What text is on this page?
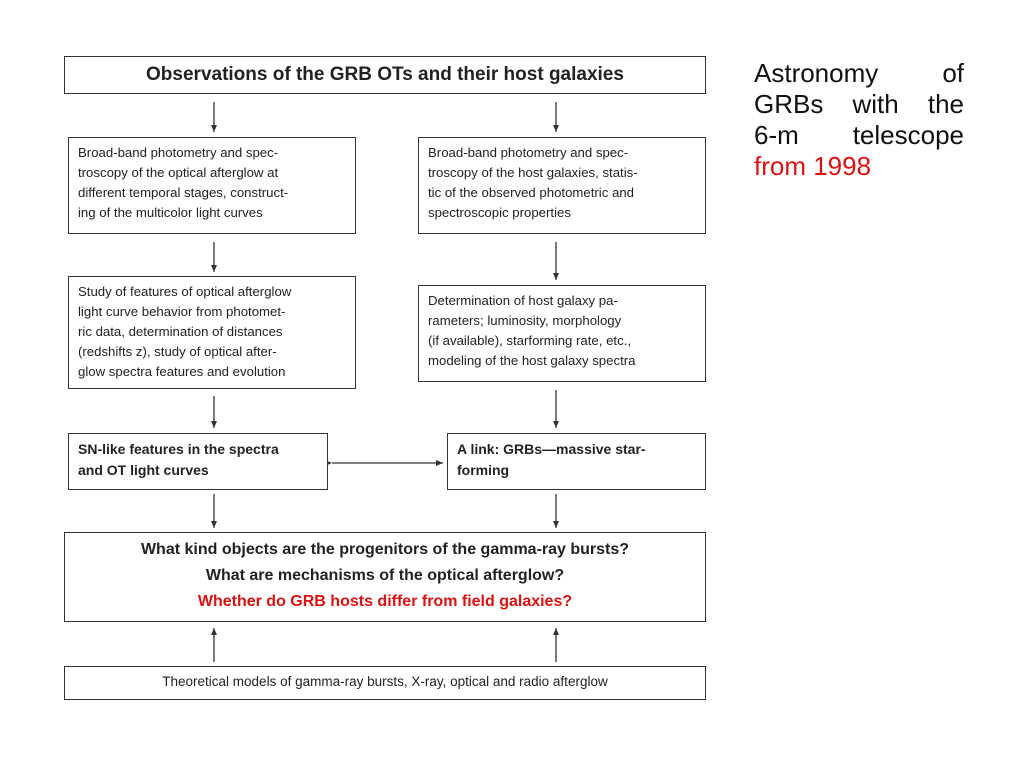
Observations of the GRB OTs and their host galaxies
Broad-band photometry and spec-
troscopy of the optical afterglow at
different temporal stages, construct-
ing of the multicolor light curves
Broad-band photometry and spec-
troscopy of the host galaxies, statis-
tic of the observed photometric and
spectroscopic properties
Study of features of optical afterglow
light curve behavior from photomet-
ric data, determination of distances
(redshifts z), study of optical after-
glow spectra features and evolution
Determination of host galaxy pa-
rameters; luminosity, morphology
(if available), starforming rate, etc.,
modeling of the host galaxy spectra
SN-like features in the spectra
and OT light curves
A link: GRBs—massive star-
forming
What kind objects are the progenitors of the gamma-ray bursts?
What are mechanisms of the optical afterglow?
Whether do GRB hosts differ from field galaxies?
Theoretical models of gamma-ray bursts, X-ray, optical and radio afterglow
Astronomy of
GRBs with the
6-m telescope
from 1998
